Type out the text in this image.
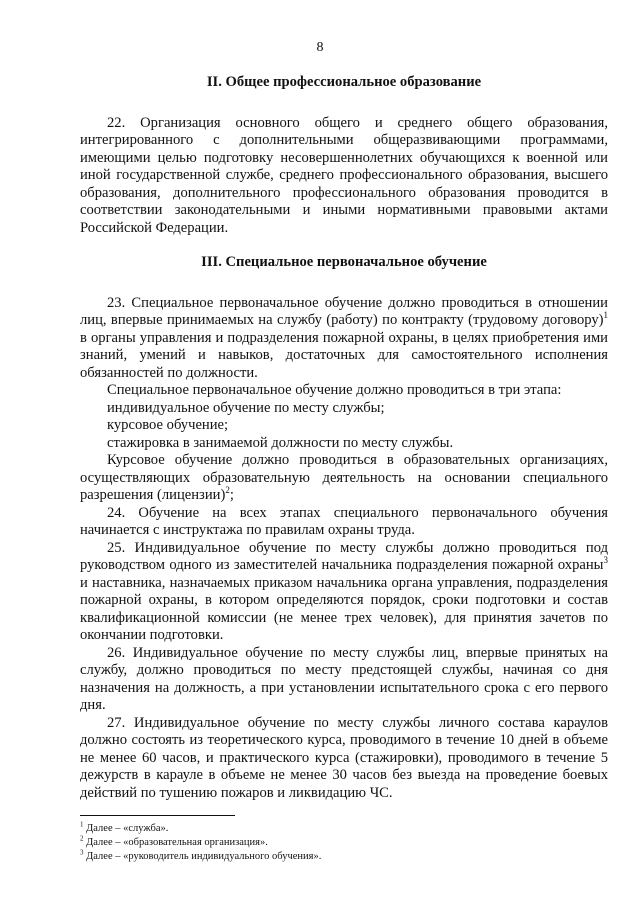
8
II. Общее профессиональное образование

22. Организация основного общего и среднего общего образования, интегрированного с дополнительными общеразвивающими программами, имеющими целью подготовку несовершеннолетних обучающихся к военной или иной государственной службе, среднего профессионального образования, высшего образования, дополнительного профессионального образования проводится в соответствии законодательными и иными нормативными правовыми актами Российской Федерации.

III. Специальное первоначальное обучение

23. Специальное первоначальное обучение должно проводиться в отношении лиц, впервые принимаемых на службу (работу) по контракту (трудовому договору)$^1$ в органы управления и подразделения пожарной охраны, в целях приобретения ими знаний, умений и навыков, достаточных для самостоятельного исполнения обязанностей по должности.

Специальное первоначальное обучение должно проводиться в три этапа:

индивидуальное обучение по месту службы;

курсовое обучение;

стажировка в занимаемой должности по месту службы.

Курсовое обучение должно проводиться в образовательных организациях, осуществляющих образовательную деятельность на основании специального разрешения (лицензии)$^2$;

24. Обучение на всех этапах специального первоначального обучения начинается с инструктажа по правилам охраны труда.

25. Индивидуальное обучение по месту службы должно проводиться под руководством одного из заместителей начальника подразделения пожарной охраны$^3$ и наставника, назначаемых приказом начальника органа управления, подразделения пожарной охраны, в котором определяются порядок, сроки подготовки и состав квалификационной комиссии (не менее трех человек), для принятия зачетов по окончании подготовки.

26. Индивидуальное обучение по месту службы лиц, впервые принятых на службу, должно проводиться по месту предстоящей службы, начиная со дня назначения на должность, а при установлении испытательного срока с его первого дня.

27. Индивидуальное обучение по месту службы личного состава караулов должно состоять из теоретического курса, проводимого в течение 10 дней в объеме не менее 60 часов, и практического курса (стажировки), проводимого в течение 5 дежурств в карауле в объеме не менее 30 часов без выезда на проведение боевых действий по тушению пожаров и ликвидацию ЧС.

$^1$ Далее – «служба».

$^2$ Далее – «образовательная организация».

$^3$ Далее – «руководитель индивидуального обучения».
